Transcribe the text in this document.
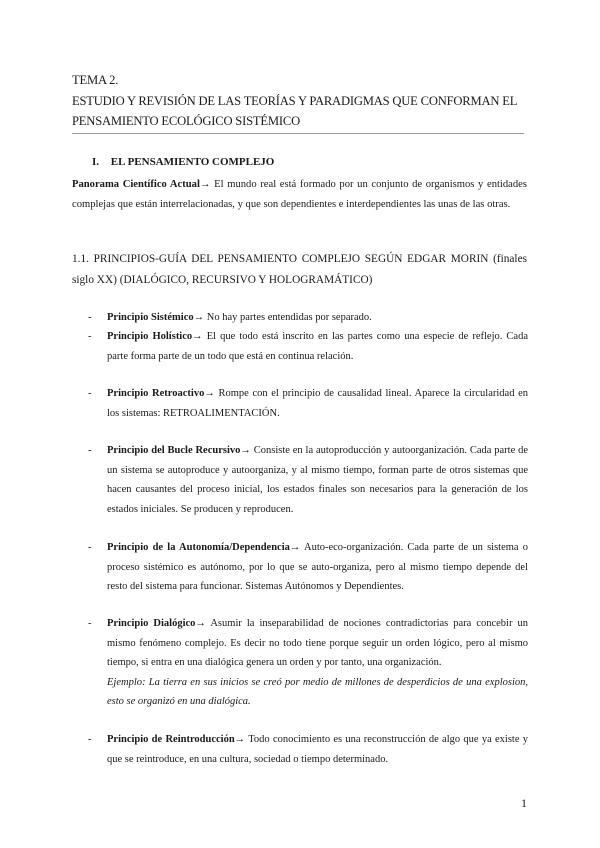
TEMA 2.
ESTUDIO Y REVISIÓN DE LAS TEORÍAS Y PARADIGMAS QUE CONFORMAN EL
PENSAMIENTO ECOLÓGICO SISTÉMICO
I. EL PENSAMIENTO COMPLEJO
Panorama Científico Actual→ El mundo real está formado por un conjunto de organismos y entidades complejas que están interrelacionadas, y que son dependientes e interdependientes las unas de las otras.
1.1. PRINCIPIOS-GUÍA DEL PENSAMIENTO COMPLEJO SEGÚN EDGAR MORIN (finales siglo XX) (DIALÓGICO, RECURSIVO Y HOLOGRAMÁTICO)
- Principio Sistémico→ No hay partes entendidas por separado.
- Principio Holístico→ El que todo está inscrito en las partes como una especie de reflejo. Cada parte forma parte de un todo que está en continua relación.
- Principio Retroactivo→ Rompe con el principio de causalidad lineal. Aparece la circularidad en los sistemas: RETROALIMENTACIÓN.
- Principio del Bucle Recursivo→ Consiste en la autoproducción y autoorganización. Cada parte de un sistema se autoproduce y autoorganiza, y al mismo tiempo, forman parte de otros sistemas que hacen causantes del proceso inicial, los estados finales son necesarios para la generación de los estados iniciales. Se producen y reproducen.
- Principio de la Autonomía/Dependencia→ Auto-eco-organización. Cada parte de un sistema o proceso sistémico es autónomo, por lo que se auto-organiza, pero al mismo tiempo depende del resto del sistema para funcionar. Sistemas Autónomos y Dependientes.
- Principio Dialógico→ Asumir la inseparabilidad de nociones contradictorias para concebir un mismo fenómeno complejo. Es decir no todo tiene porque seguir un orden lógico, pero al mismo tiempo, si entra en una dialógica genera un orden y por tanto, una organización.
Ejemplo: La tierra en sus inicios se creó por medio de millones de desperdicios de una explosion, esto se organizó en una dialógica.
- Principio de Reintroducción→ Todo conocimiento es una reconstrucción de algo que ya existe y que se reintroduce, en una cultura, sociedad o tiempo determinado.
1
